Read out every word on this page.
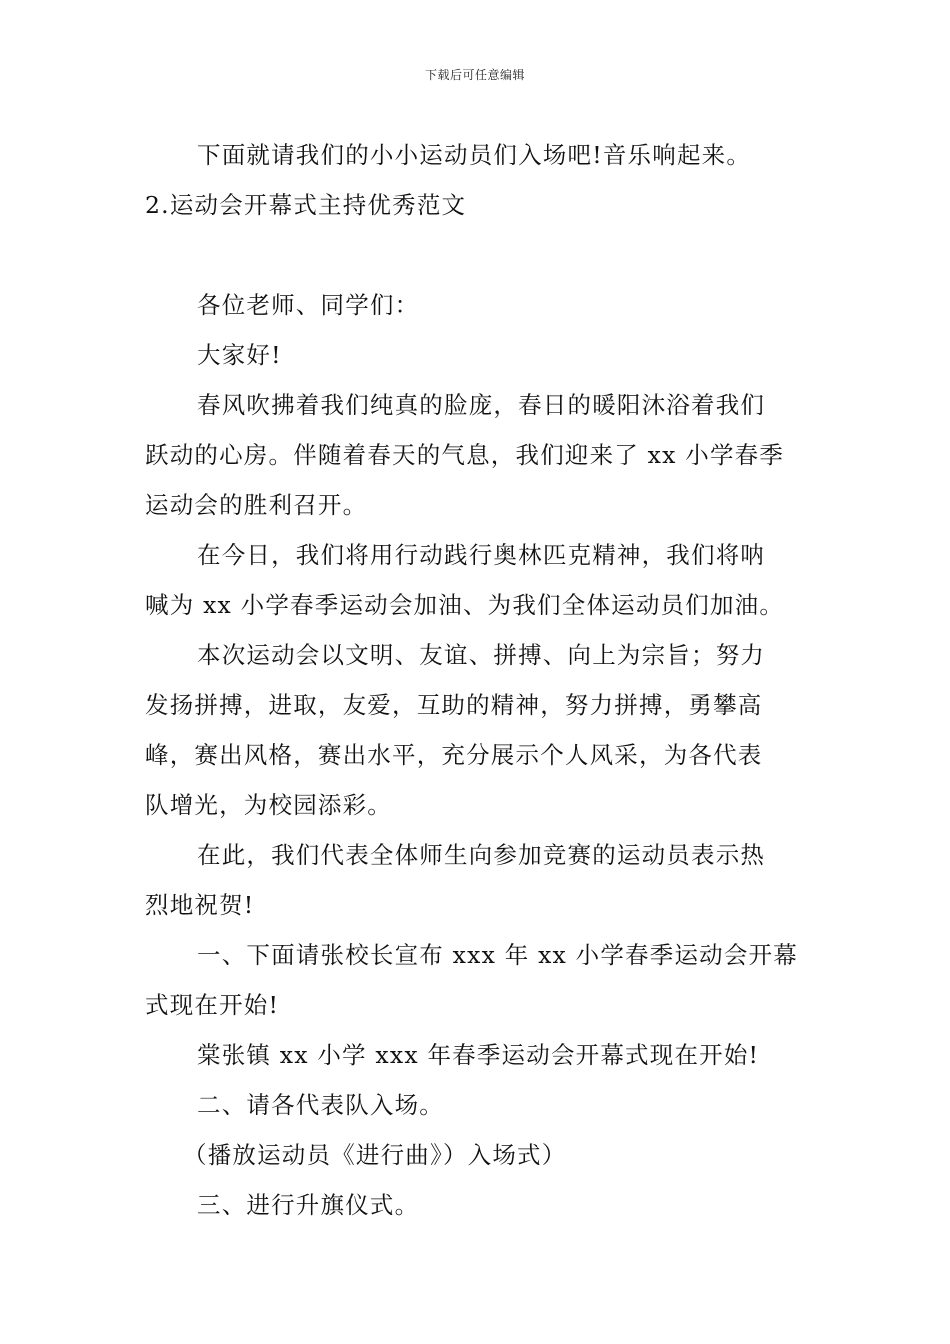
下载后可任意编辑
下面就请我们的小小运动员们入场吧!音乐响起来。
2.运动会开幕式主持优秀范文
各位老师、同学们：
大家好!
春风吹拂着我们纯真的脸庞，春日的暖阳沐浴着我们
跃动的心房。伴随着春天的气息，我们迎来了 xx 小学春季
运动会的胜利召开。
在今日，我们将用行动践行奥林匹克精神，我们将呐
喊为 xx 小学春季运动会加油、为我们全体运动员们加油。
本次运动会以文明、友谊、拼搏、向上为宗旨；努力
发扬拼搏，进取，友爱，互助的精神，努力拼搏，勇攀高
峰，赛出风格，赛出水平，充分展示个人风采，为各代表
队增光，为校园添彩。
在此，我们代表全体师生向参加竞赛的运动员表示热
烈地祝贺!
一、下面请张校长宣布 xxx 年 xx 小学春季运动会开幕
式现在开始!
棠张镇 xx 小学 xxx 年春季运动会开幕式现在开始!
二、请各代表队入场。
（播放运动员《进行曲》）入场式）
三、进行升旗仪式。
